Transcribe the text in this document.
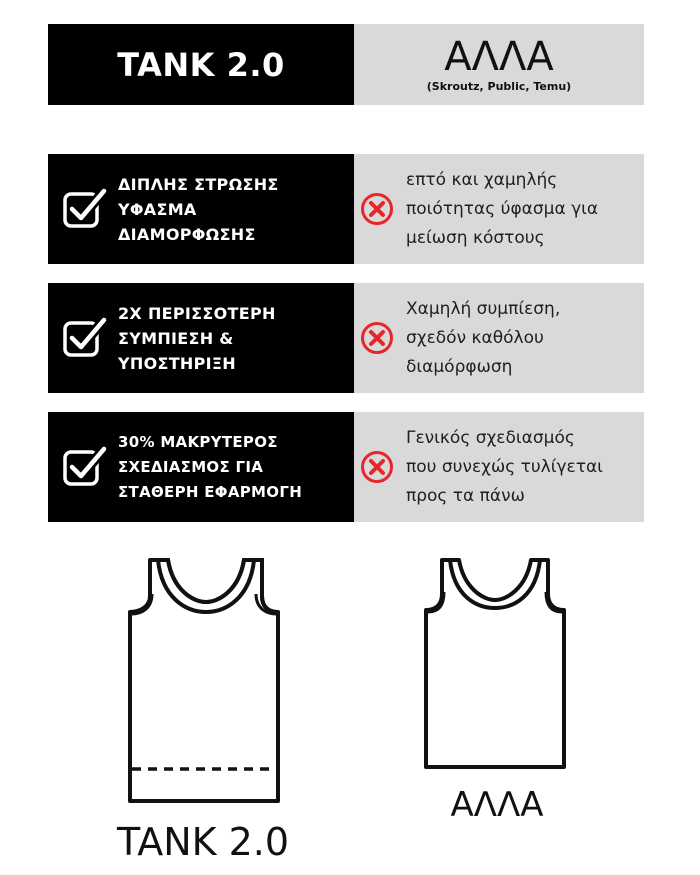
TANK 2.0	ΑΛΛΑ
(Skroutz, Public, Temu)
ΔΙΠΛΗΣ ΣΤΡΩΣΗΣ
ΥΦΑΣΜΑ
ΔΙΑΜΟΡΦΩΣΗΣ
επτό και χαμηλής
ποιότητας ύφασμα για
μείωση κόστους
2X ΠΕΡΙΣΣΟΤΕΡΗ
ΣΥΜΠΙΕΣΗ &
ΥΠΟΣΤΗΡΙΞΗ
Χαμηλή συμπίεση,
σχεδόν καθόλου
διαμόρφωση
30% ΜΑΚΡΥΤΕΡΟΣ
ΣΧΕΔΙΑΣΜΟΣ ΓΙΑ
ΣΤΑΘΕΡΗ ΕΦΑΡΜΟΓΗ
Γενικός σχεδιασμός
που συνεχώς τυλίγεται
προς τα πάνω
TANK 2.0
ΑΛΛΑ
